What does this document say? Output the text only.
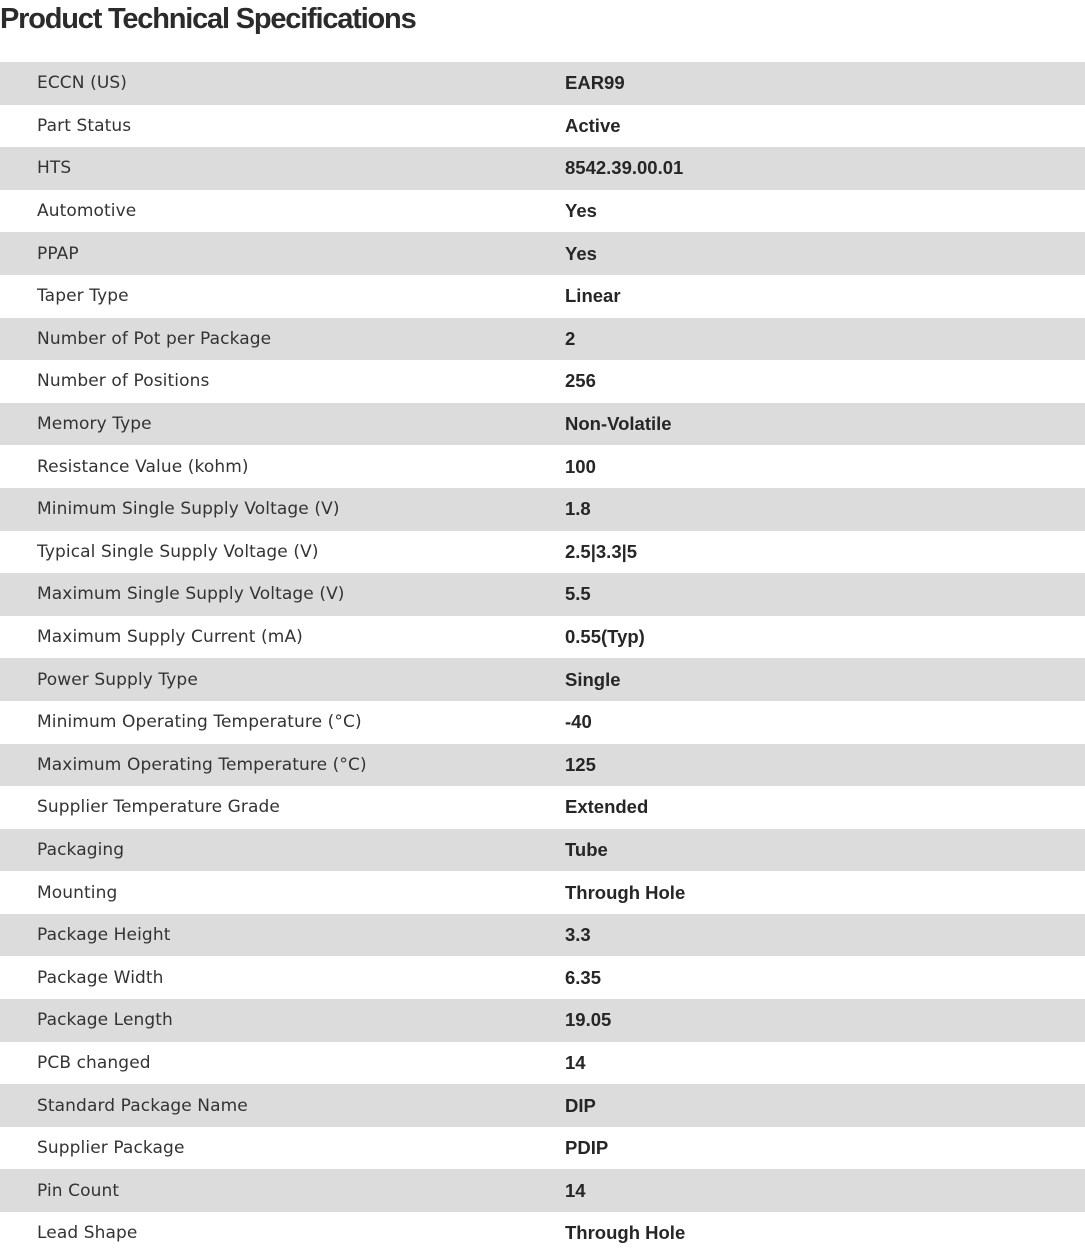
Product Technical Specifications
ECCN (US)	EAR99
Part Status	Active
HTS	8542.39.00.01
Automotive	Yes
PPAP	Yes
Taper Type	Linear
Number of Pot per Package	2
Number of Positions	256
Memory Type	Non-Volatile
Resistance Value (kohm)	100
Minimum Single Supply Voltage (V)	1.8
Typical Single Supply Voltage (V)	2.5|3.3|5
Maximum Single Supply Voltage (V)	5.5
Maximum Supply Current (mA)	0.55(Typ)
Power Supply Type	Single
Minimum Operating Temperature (°C)	-40
Maximum Operating Temperature (°C)	125
Supplier Temperature Grade	Extended
Packaging	Tube
Mounting	Through Hole
Package Height	3.3
Package Width	6.35
Package Length	19.05
PCB changed	14
Standard Package Name	DIP
Supplier Package	PDIP
Pin Count	14
Lead Shape	Through Hole
